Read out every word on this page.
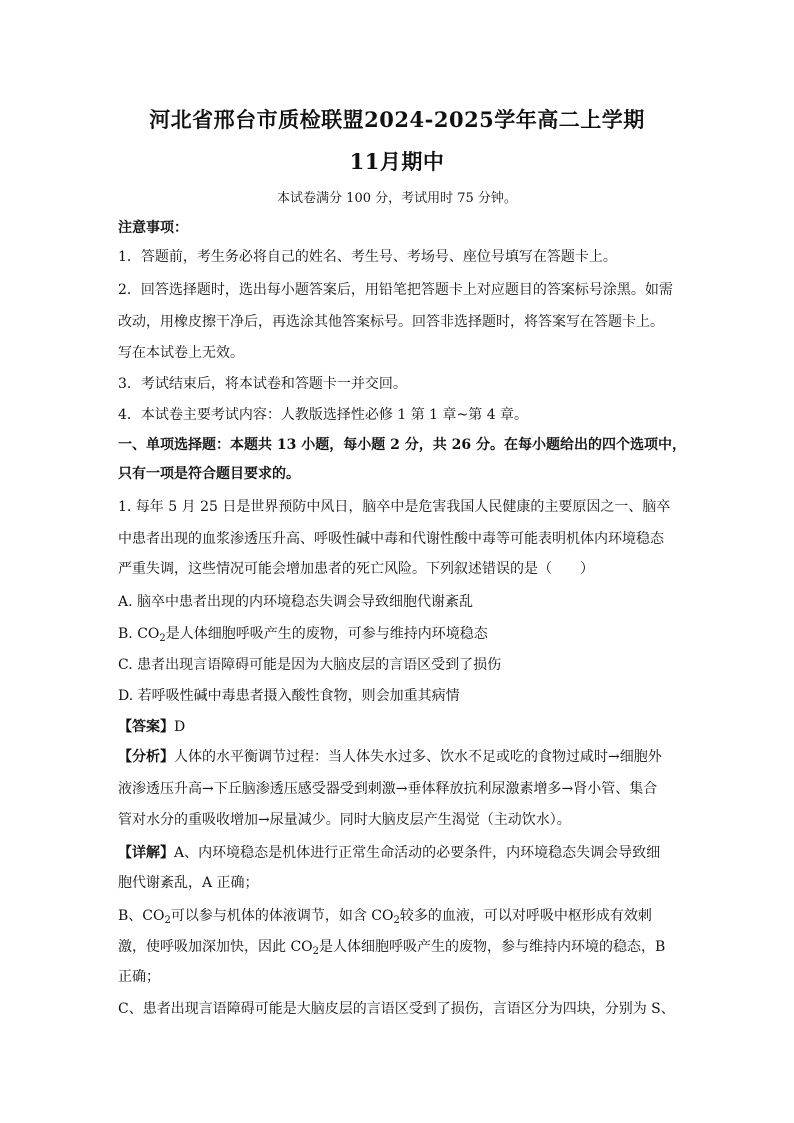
河北省邢台市质检联盟2024-2025学年高二上学期
11月期中
本试卷满分 100 分，考试用时 75 分钟。
注意事项：
1．答题前，考生务必将自己的姓名、考生号、考场号、座位号填写在答题卡上。
2．回答选择题时，选出每小题答案后，用铅笔把答题卡上对应题目的答案标号涂黑。如需
改动，用橡皮擦干净后，再选涂其他答案标号。回答非选择题时，将答案写在答题卡上。
写在本试卷上无效。
3．考试结束后，将本试卷和答题卡一并交回。
4．本试卷主要考试内容：人教版选择性必修 1 第 1 章~第 4 章。
一、单项选择题：本题共 13 小题，每小题 2 分，共 26 分。在每小题给出的四个选项中，
只有一项是符合题目要求的。
1. 每年 5 月 25 日是世界预防中风日，脑卒中是危害我国人民健康的主要原因之一、脑卒
中患者出现的血浆渗透压升高、呼吸性碱中毒和代谢性酸中毒等可能表明机体内环境稳态
严重失调，这些情况可能会增加患者的死亡风险。下列叙述错误的是（　　）
A. 脑卒中患者出现的内环境稳态失调会导致细胞代谢紊乱
B. $CO_2$是人体细胞呼吸产生的废物，可参与维持内环境稳态
C. 患者出现言语障碍可能是因为大脑皮层的言语区受到了损伤
D. 若呼吸性碱中毒患者摄入酸性食物，则会加重其病情
【答案】D
【分析】人体的水平衡调节过程：当人体失水过多、饮水不足或吃的食物过咸时→细胞外
液渗透压升高→下丘脑渗透压感受器受到刺激→垂体释放抗利尿激素增多→肾小管、集合
管对水分的重吸收增加→尿量减少。同时大脑皮层产生渴觉（主动饮水）。
【详解】A、内环境稳态是机体进行正常生命活动的必要条件，内环境稳态失调会导致细
胞代谢紊乱，A 正确；
B、$CO_2$可以参与机体的体液调节，如含 $CO_2$较多的血液，可以对呼吸中枢形成有效刺
激，使呼吸加深加快，因此 $CO_2$是人体细胞呼吸产生的废物，参与维持内环境的稳态，B
正确；
C、患者出现言语障碍可能是大脑皮层的言语区受到了损伤，言语区分为四块，分别为 S、
